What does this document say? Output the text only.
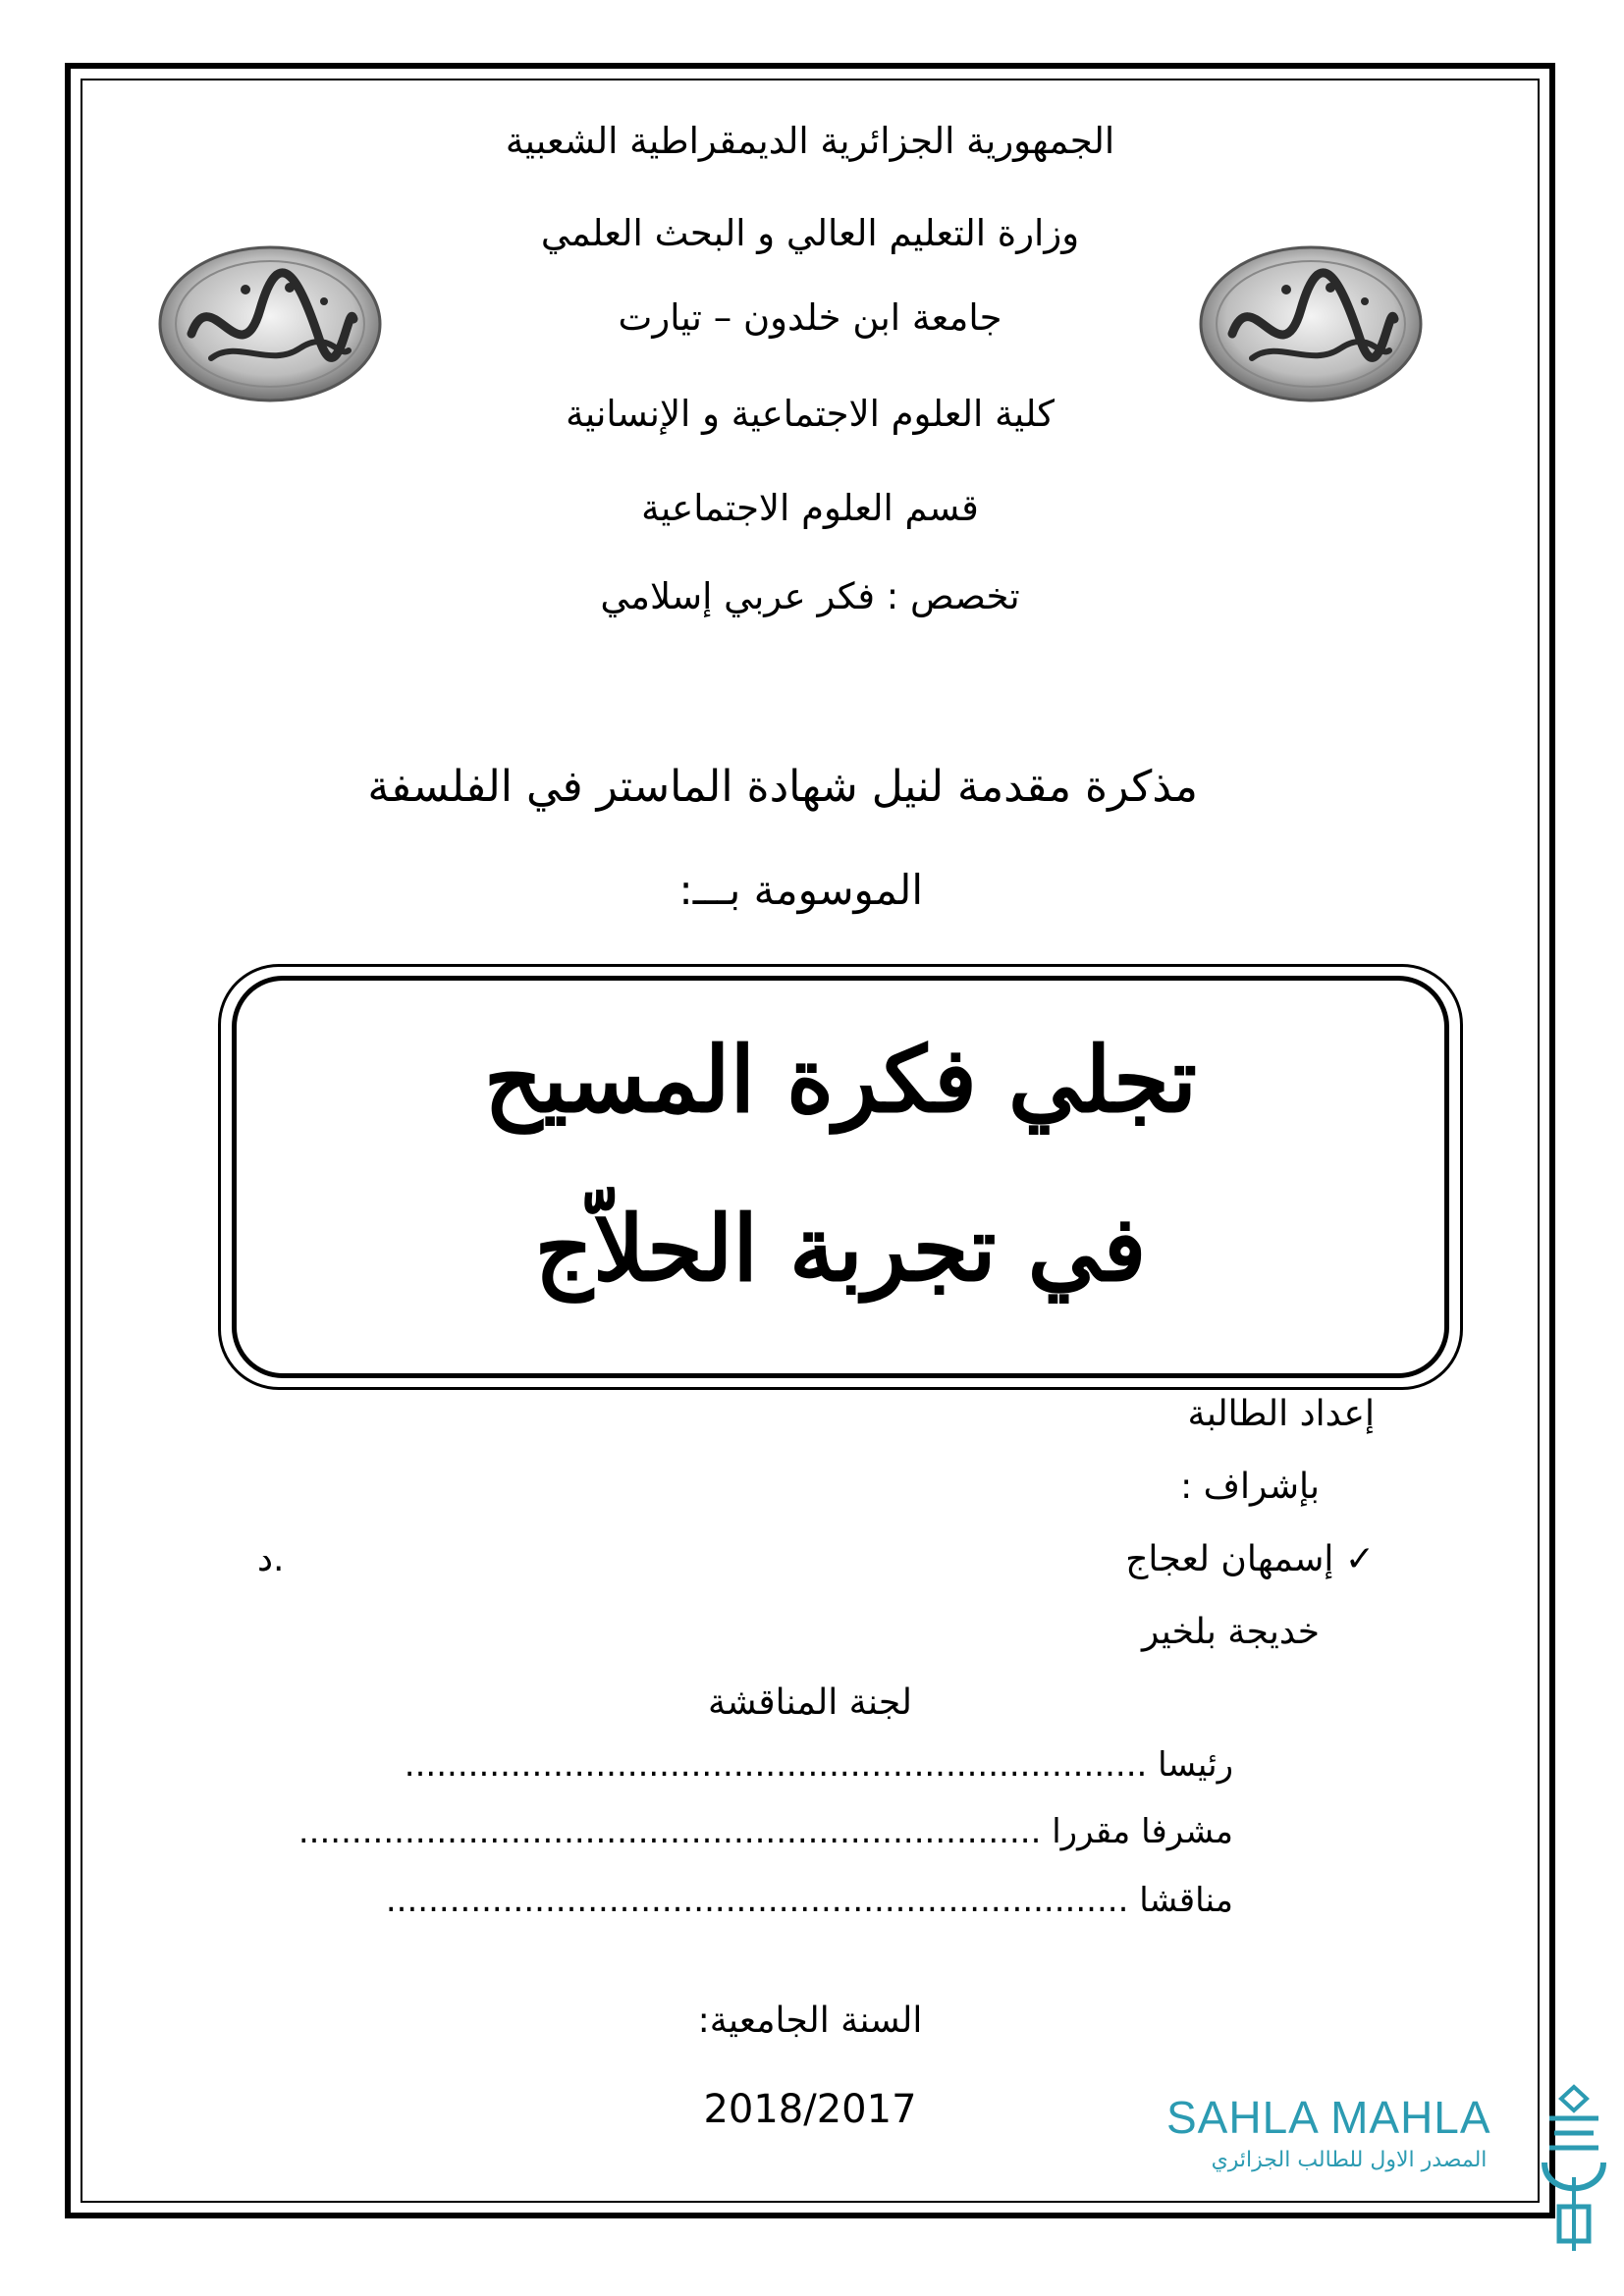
الجمهورية الجزائرية الديمقراطية الشعبية
وزارة التعليم العالي و البحث العلمي
جامعة ابن خلدون – تيارت
كلية العلوم الاجتماعية و الإنسانية
قسم العلوم الاجتماعية
تخصص : فكر عربي إسلامي
مذكرة مقدمة لنيل شهادة الماستر في الفلسفة
الموسومة بـــ:
تجلي فكرة المسيح
في تجربة الحلاّج
إعداد الطالبة
بإشراف :
✓ إسمهان لعجاج
خديجة بلخير
د.
لجنة المناقشة
رئيسا ......................................................................
مشرفا مقررا ......................................................................
مناقشا ......................................................................
السنة الجامعية:
2018/2017	SAHLA MAHLA
المصدر الاول للطالب الجزائري
